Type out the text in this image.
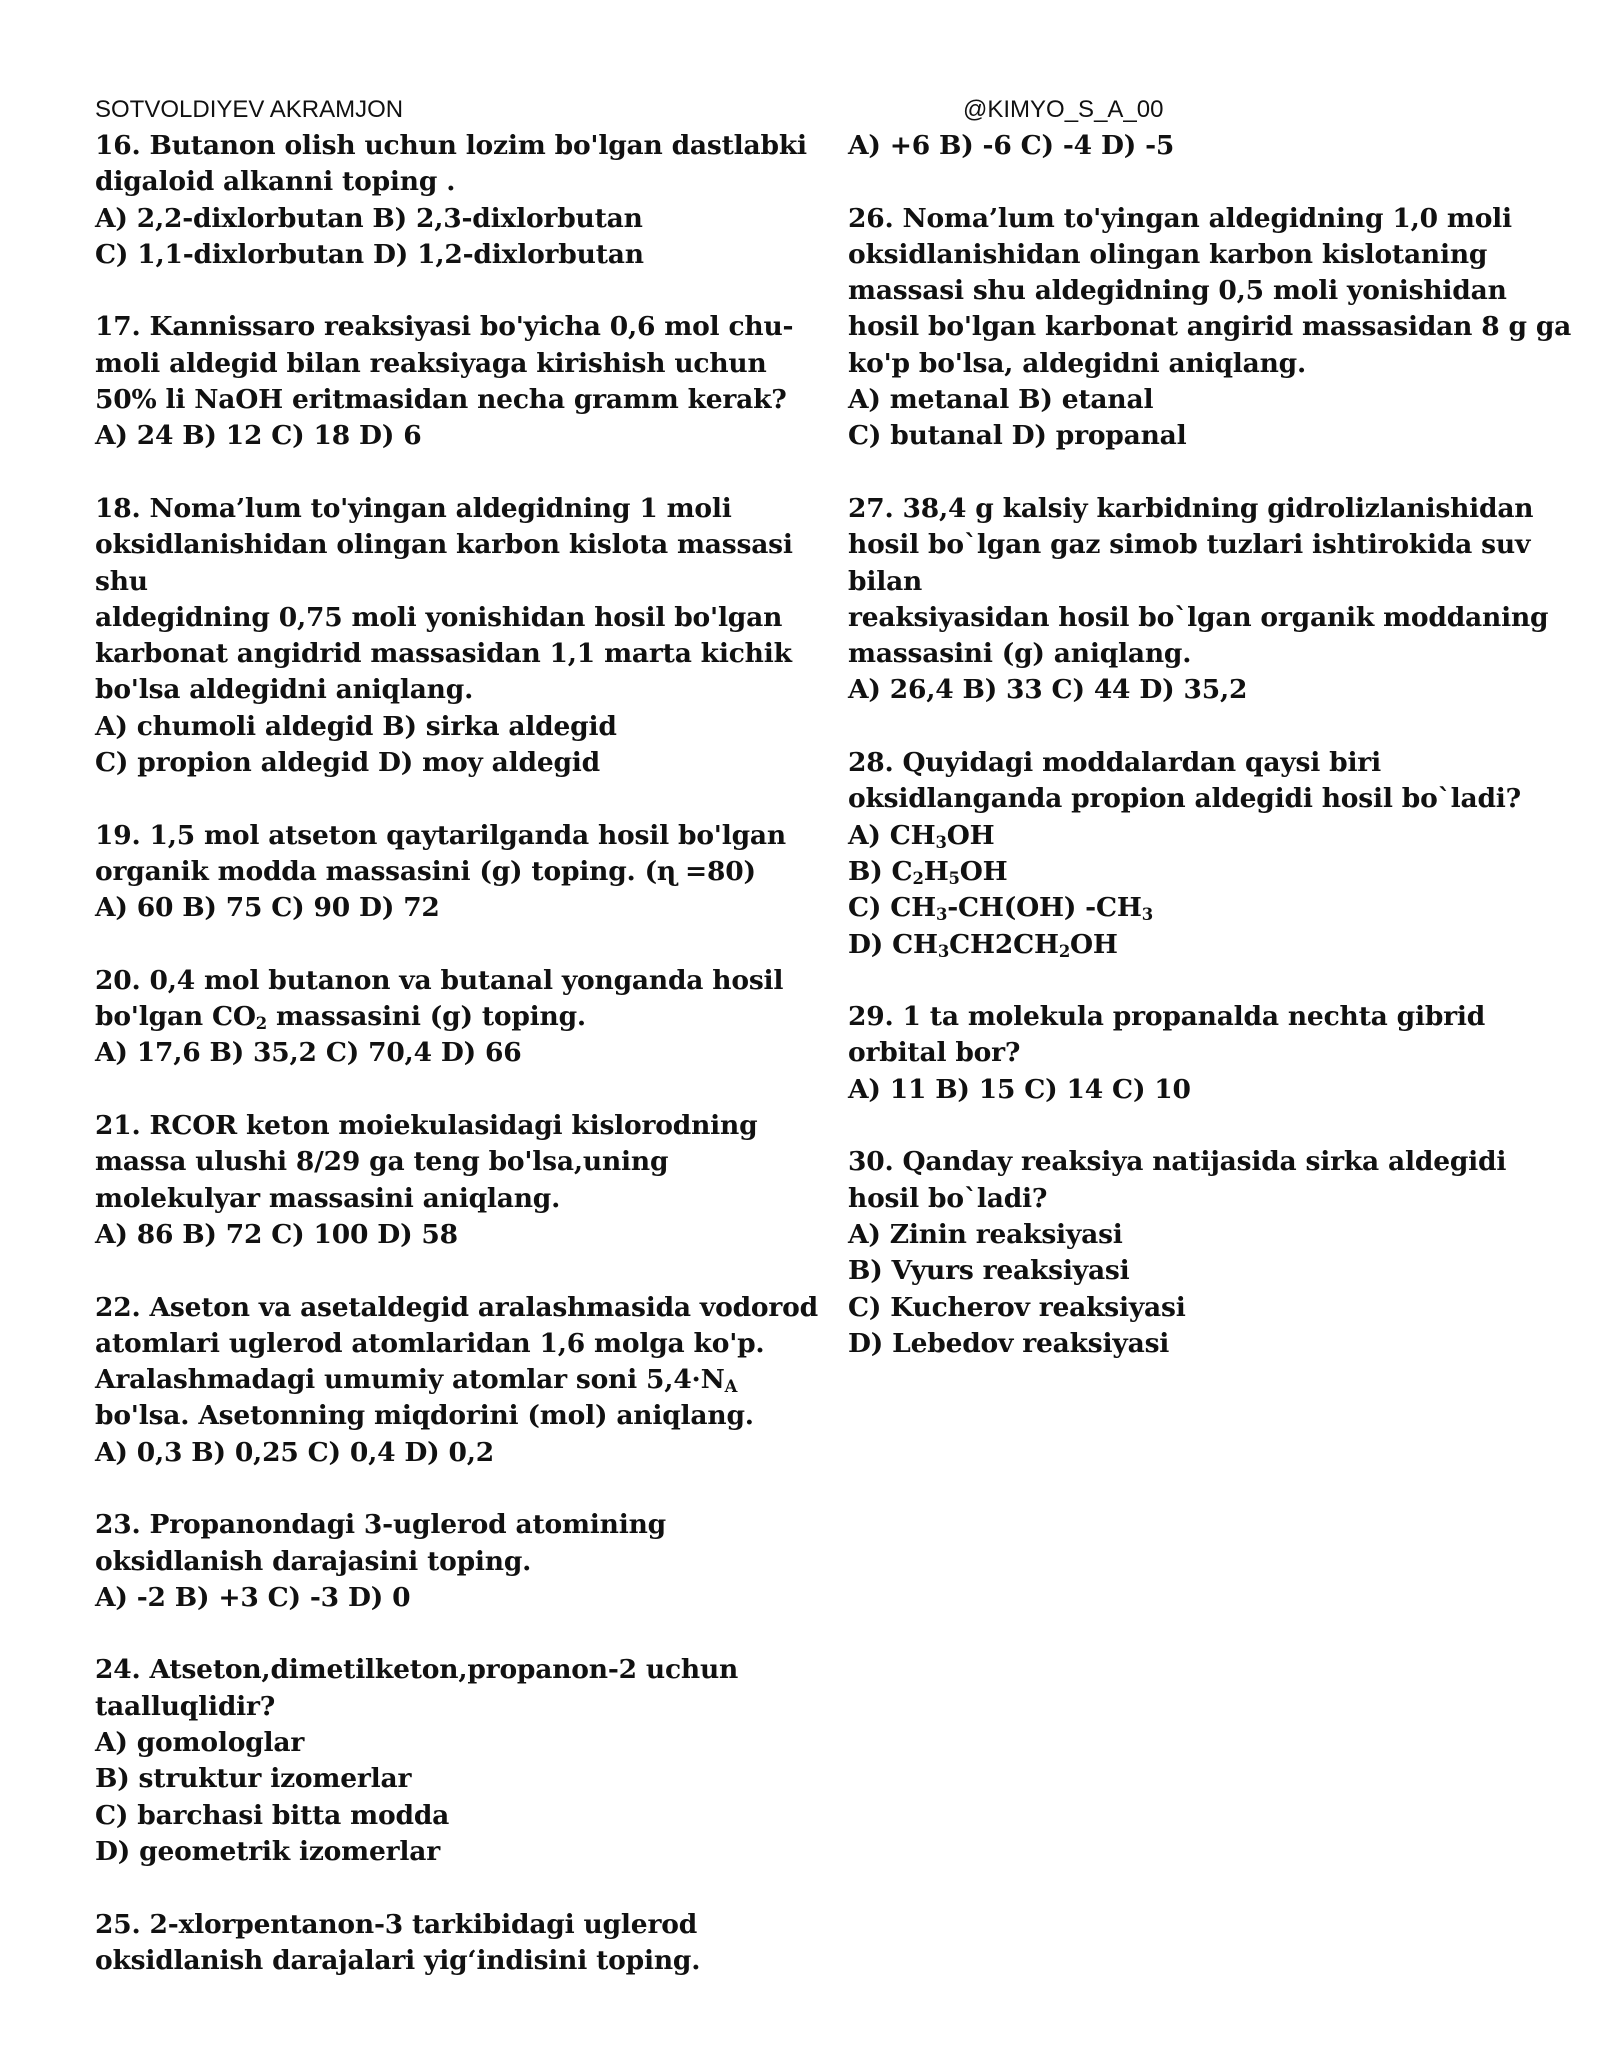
SOTVOLDIYEV AKRAMJON	@KIMYO_S_A_00

16. Butanon olish uchun lozim bo'lgan dastlabki

digaloid alkanni toping .

A) 2,2-dixlorbutan B) 2,3-dixlorbutan

C) 1,1-dixlorbutan D) 1,2-dixlorbutan

17. Kannissaro reaksiyasi bo'yicha 0,6 mol chu-

moli aldegid bilan reaksiyaga kirishish uchun

50% li NaOH eritmasidan necha gramm kerak?

A) 24 B) 12 C) 18 D) 6

18. Noma’lum to'yingan aldegidning 1 moli

oksidlanishidan olingan karbon kislota massasi

shu

aldegidning 0,75 moli yonishidan hosil bo'lgan

karbonat angidrid massasidan 1,1 marta kichik

bo'lsa aldegidni aniqlang.

A) chumoli aldegid B) sirka aldegid

C) propion aldegid D) moy aldegid

19. 1,5 mol atseton qaytarilganda hosil bo'lgan

organik modda massasini (g) toping. (ɳ =80)

A) 60 B) 75 C) 90 D) 72

20. 0,4 mol butanon va butanal yonganda hosil

bo'lgan $CO_2$ massasini (g) toping.

A) 17,6 B) 35,2 C) 70,4 D) 66

21. RCOR keton moiekulasidagi kislorodning

massa ulushi 8/29 ga teng bo'lsa,uning

molekulyar massasini aniqlang.

A) 86 B) 72 C) 100 D) 58

22. Aseton va asetaldegid aralashmasida vodorod

atomlari uglerod atomlaridan 1,6 molga ko'p.

Aralashmadagi umumiy atomlar soni $5,4\cdot N_A$

bo'lsa. Asetonning miqdorini (mol) aniqlang.

A) 0,3 B) 0,25 C) 0,4 D) 0,2

23. Propanondagi 3-uglerod atomining

oksidlanish darajasini toping.

A) -2 B) +3 C) -3 D) 0

24. Atseton,dimetilketon,propanon-2 uchun

taalluqlidir?

A) gomologlar

B) struktur izomerlar

C) barchasi bitta modda

D) geometrik izomerlar

25. 2-xlorpentanon-3 tarkibidagi uglerod

oksidlanish darajalari yig‘indisini toping.

A) +6 B) -6 C) -4 D) -5

26. Noma’lum to'yingan aldegidning 1,0 moli

oksidlanishidan olingan karbon kislotaning

massasi shu aldegidning 0,5 moli yonishidan

hosil bo'lgan karbonat angirid massasidan 8 g ga

ko'p bo'lsa, aldegidni aniqlang.

A) metanal B) etanal

C) butanal D) propanal

27. 38,4 g kalsiy karbidning gidrolizlanishidan

hosil bo`lgan gaz simob tuzlari ishtirokida suv

bilan

reaksiyasidan hosil bo`lgan organik moddaning

massasini (g) aniqlang.

A) 26,4 B) 33 C) 44 D) 35,2

28. Quyidagi moddalardan qaysi biri

oksidlanganda propion aldegidi hosil bo`ladi?

A) $CH_3OH$

B) $C_2H_5OH$

C) $CH_3-CH(OH)$ $-CH_3$

D) $CH_3CH2CH_2OH$

29. 1 ta molekula propanalda nechta gibrid

orbital bor?

A) 11 B) 15 C) 14 C) 10

30. Qanday reaksiya natijasida sirka aldegidi

hosil bo`ladi?

A) Zinin reaksiyasi

B) Vyurs reaksiyasi

C) Kucherov reaksiyasi

D) Lebedov reaksiyasi
